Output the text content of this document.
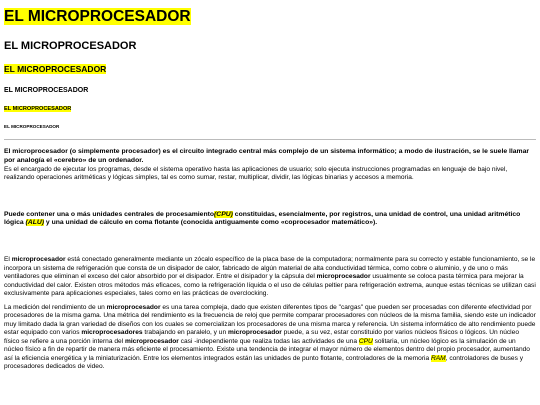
EL MICROPROCESADOR
EL MICROPROCESADOR
EL MICROPROCESADOR
EL MICROPROCESADOR
EL MICROPROCESADOR
EL MICROPROCESADOR

El microprocesador (o simplemente procesador) es el circuito integrado central más complejo de un sistema informático; a modo de ilustración, se le suele llamar por analogía el «cerebro» de un ordenador.
Es el encargado de ejecutar los programas, desde el sistema operativo hasta las aplicaciones de usuario; solo ejecuta instrucciones programadas en lenguaje de bajo nivel, realizando operaciones aritméticas y lógicas simples, tal es como sumar, restar, multiplicar, dividir, las lógicas binarias y accesos a memoria.

Puede contener una o más unidades centrales de procesamiento(CPU) constituidas, esencialmente, por registros, una unidad de control, una unidad aritmético lógica (ALU) y una unidad de cálculo en coma flotante (conocida antiguamente como «coprocesador matemático»).

El microprocesador está conectado generalmente mediante un zócalo específico de la placa base de la computadora; normalmente para su correcto y estable funcionamiento, se le incorpora un sistema de refrigeración que consta de un disipador de calor, fabricado de algún material de alta conductividad térmica, como cobre o aluminio, y de uno o más ventiladores que eliminan el exceso del calor absorbido por el disipador. Entre el disipador y la cápsula del microprocesador usualmente se coloca pasta térmica para mejorar la conductividad del calor. Existen otros métodos más eficaces, como la refrigeración líquida o el uso de células peltier para refrigeración extrema, aunque estas técnicas se utilizan casi exclusivamente para aplicaciones especiales, tales como en las prácticas de overclocking.

La medición del rendimiento de un microprocesador es una tarea compleja, dado que existen diferentes tipos de "cargas" que pueden ser procesadas con diferente efectividad por procesadores de la misma gama. Una métrica del rendimiento es la frecuencia de reloj que permite comparar procesadores con núcleos de la misma familia, siendo este un indicador muy limitado dada la gran variedad de diseños con los cuales se comercializan los procesadores de una misma marca y referencia. Un sistema informático de alto rendimiento puede estar equipado con varios microprocesadores trabajando en paralelo, y un microprocesador puede, a su vez, estar constituido por varios núcleos físicos o lógicos. Un núcleo físico se refiere a una porción interna del microprocesador casi -independiente que realiza todas las actividades de una CPU solitaria, un núcleo lógico es la simulación de un núcleo físico a fin de repartir de manera más eficiente el procesamiento. Existe una tendencia de integrar el mayor número de elementos dentro del propio procesador, aumentando así la eficiencia energética y la miniaturización. Entre los elementos integrados están las unidades de punto flotante, controladores de la memoria RAM, controladores de buses y procesadores dedicados de video.
